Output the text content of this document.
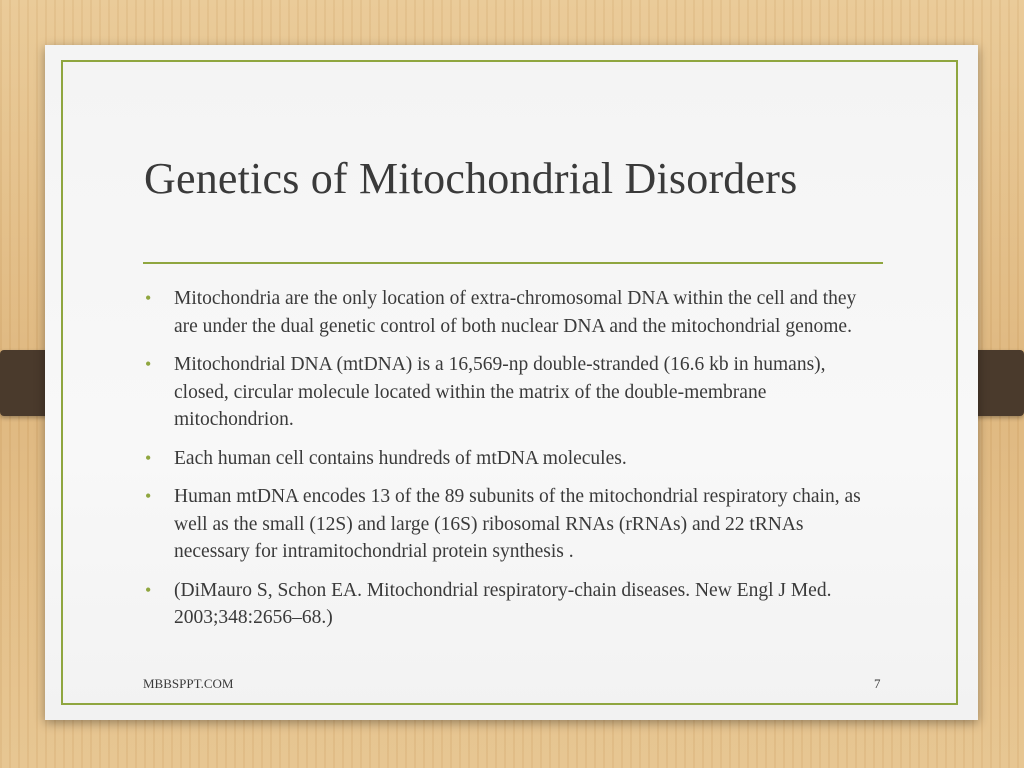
Genetics of Mitochondrial Disorders
• Mitochondria are the only location of extra-chromosomal DNA within the cell and they are under the dual genetic control of both nuclear DNA and the mitochondrial genome.
• Mitochondrial DNA (mtDNA) is a 16,569-np double-stranded (16.6 kb in humans), closed, circular molecule located within the matrix of the double-membrane mitochondrion.
• Each human cell contains hundreds of mtDNA molecules.
• Human mtDNA encodes 13 of the 89 subunits of the mitochondrial respiratory chain, as well as the small (12S) and large (16S) ribosomal RNAs (rRNAs) and 22 tRNAs necessary for intramitochondrial protein synthesis .
• (DiMauro S, Schon EA. Mitochondrial respiratory-chain diseases. New Engl J Med. 2003;348:2656–68.)
MBBSPPT.COM	7
